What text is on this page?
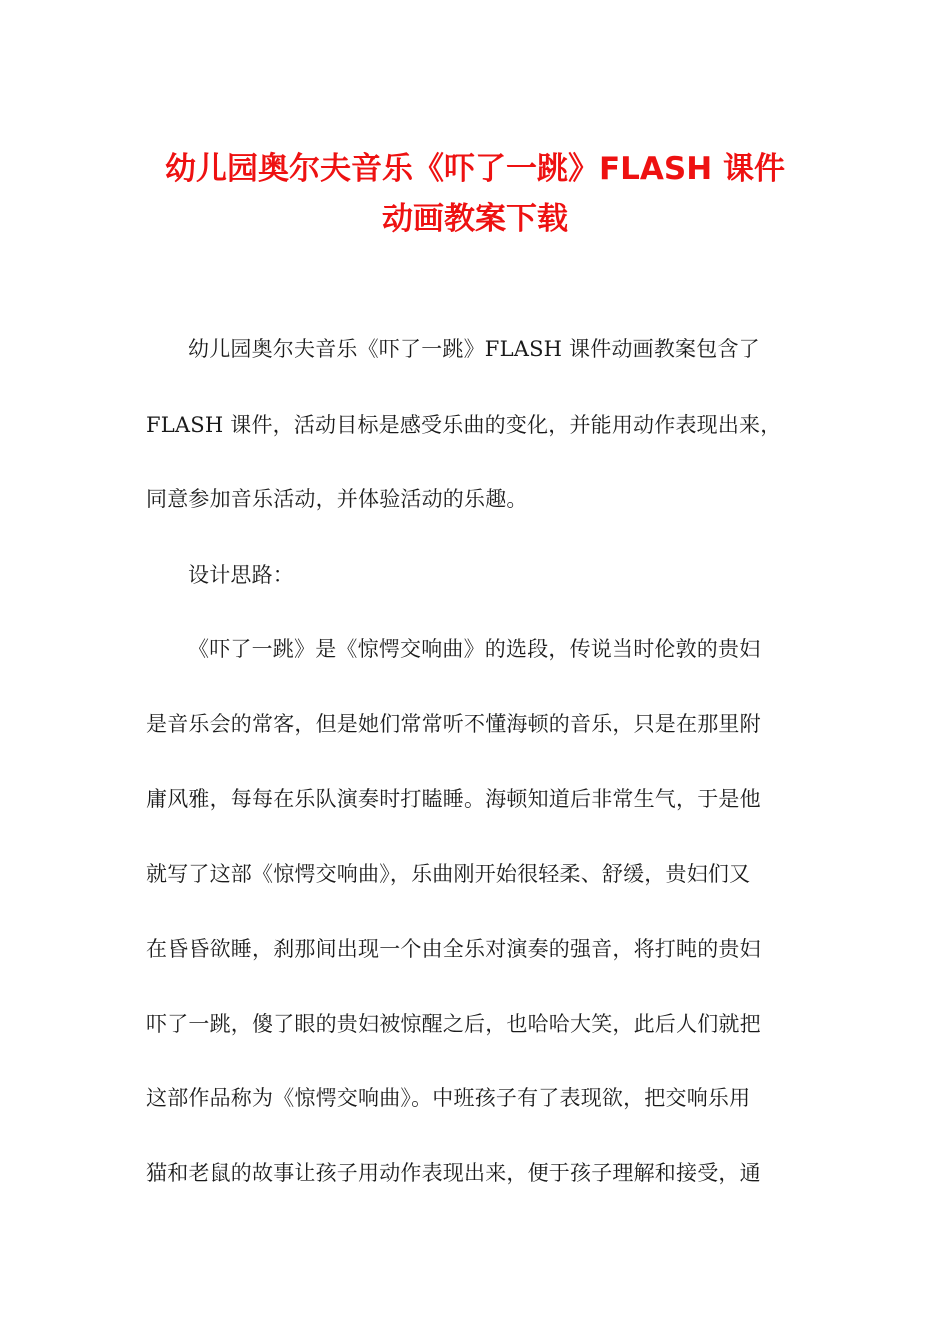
幼儿园奥尔夫音乐《吓了一跳》FLASH 课件
动画教案下载
幼儿园奥尔夫音乐《吓了一跳》FLASH 课件动画教案包含了
FLASH 课件，活动目标是感受乐曲的变化，并能用动作表现出来，
同意参加音乐活动，并体验活动的乐趣。
设计思路：
《吓了一跳》是《惊愕交响曲》的选段，传说当时伦敦的贵妇
是音乐会的常客，但是她们常常听不懂海顿的音乐，只是在那里附
庸风雅，每每在乐队演奏时打瞌睡。海顿知道后非常生气，于是他
就写了这部《惊愕交响曲》，乐曲刚开始很轻柔、舒缓，贵妇们又
在昏昏欲睡，刹那间出现一个由全乐对演奏的强音，将打盹的贵妇
吓了一跳，傻了眼的贵妇被惊醒之后，也哈哈大笑，此后人们就把
这部作品称为《惊愕交响曲》。中班孩子有了表现欲，把交响乐用
猫和老鼠的故事让孩子用动作表现出来，便于孩子理解和接受，通
